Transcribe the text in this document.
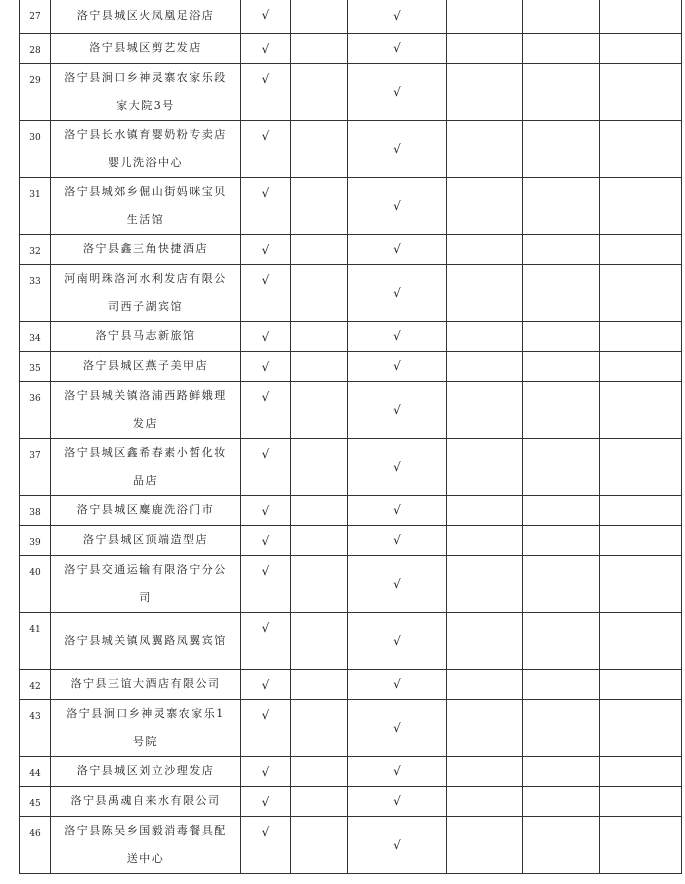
27	洛宁县城区火凤凰足浴店	√		√			
28	洛宁县城区剪艺发店	√		√			
29	洛宁县涧口乡神灵寨农家乐段家大院3号	√		√			
30	洛宁县长水镇育婴奶粉专卖店婴儿洗浴中心	√		√			
31	洛宁县城郊乡倔山街妈咪宝贝生活馆	√		√			
32	洛宁县鑫三角快捷酒店	√		√			
33	河南明珠洛河水利发店有限公司西子湖宾馆	√		√			
34	洛宁县马志新旅馆	√		√			
35	洛宁县城区燕子美甲店	√		√			
36	洛宁县城关镇洛浦西路鲜娥理发店	√		√			
37	洛宁县城区鑫希春素小皙化妆品店	√		√			
38	洛宁县城区麋鹿洗浴门市	√		√			
39	洛宁县城区顶端造型店	√		√			
40	洛宁县交通运输有限洛宁分公司	√		√			
41	洛宁县城关镇凤翼路凤翼宾馆	√		√			
42	洛宁县三谊大酒店有限公司	√		√			
43	洛宁县涧口乡神灵寨农家乐1号院	√		√			
44	洛宁县城区刘立沙理发店	√		√			
45	洛宁县禹魂自来水有限公司	√		√			
46	洛宁县陈吴乡国毅消毒餐具配送中心	√		√			
